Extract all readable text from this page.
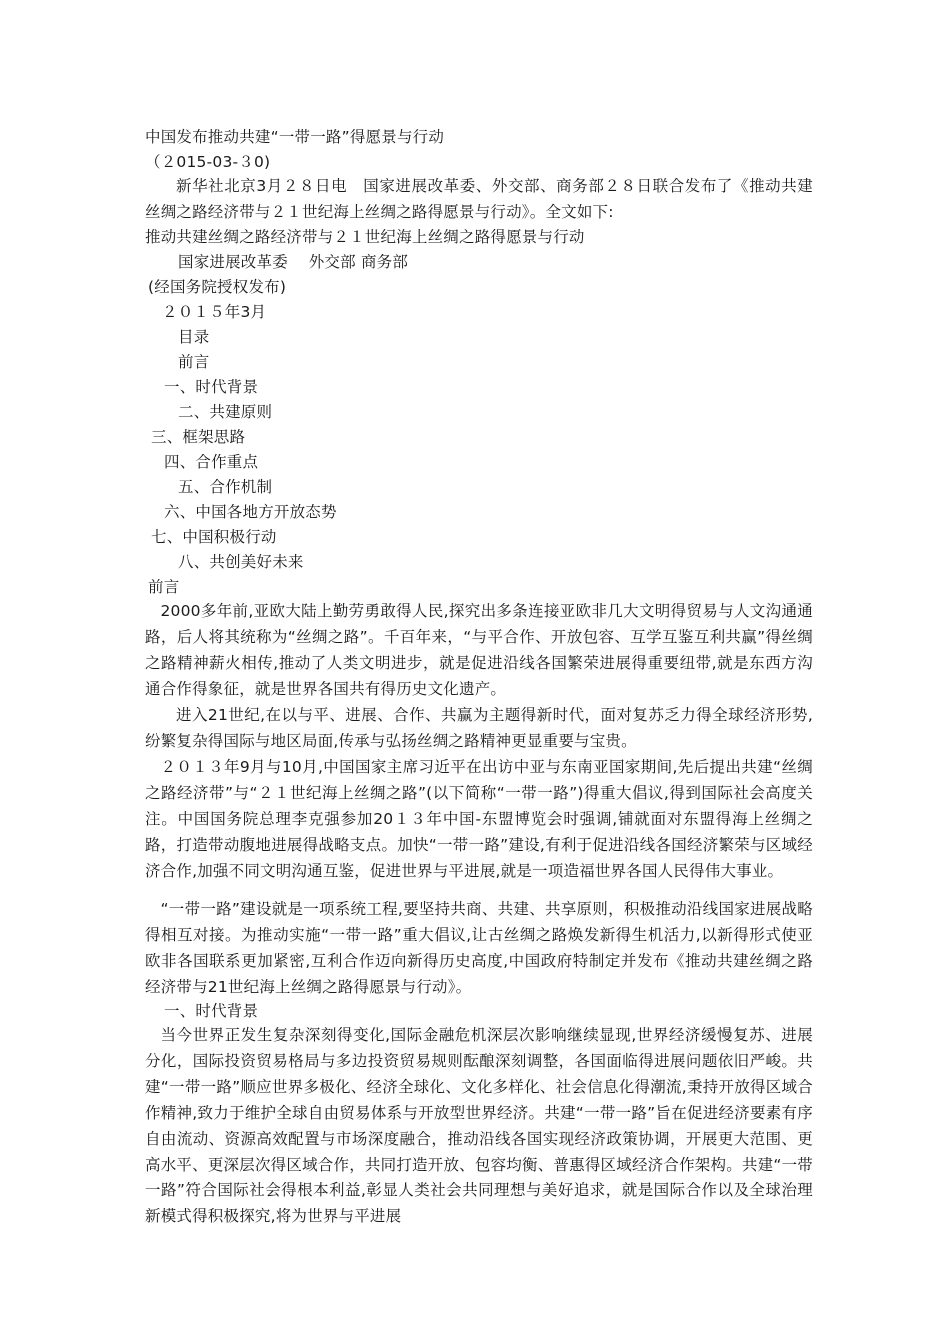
中国发布推动共建“一带一路”得愿景与行动

（２015-03-３0)

新华社北京3月２８日电　国家进展改革委、外交部、商务部２８日联合发布了《推动共建丝绸之路经济带与２１世纪海上丝绸之路得愿景与行动》。全文如下:

推动共建丝绸之路经济带与２１世纪海上丝绸之路得愿景与行动

国家进展改革委　 外交部 商务部

(经国务院授权发布)

２０１５年3月

目录

前言

一、时代背景

二、共建原则

三、框架思路

四、合作重点

五、合作机制

六、中国各地方开放态势

七、中国积极行动

八、共创美好未来

前言

2000多年前,亚欧大陆上勤劳勇敢得人民,探究出多条连接亚欧非几大文明得贸易与人文沟通通路，后人将其统称为“丝绸之路”。千百年来，“与平合作、开放包容、互学互鉴互利共赢”得丝绸之路精神薪火相传,推动了人类文明进步，就是促进沿线各国繁荣进展得重要纽带,就是东西方沟通合作得象征，就是世界各国共有得历史文化遗产。

进入21世纪,在以与平、进展、合作、共赢为主题得新时代，面对复苏乏力得全球经济形势,纷繁复杂得国际与地区局面,传承与弘扬丝绸之路精神更显重要与宝贵。

２０１３年9月与10月,中国国家主席习近平在出访中亚与东南亚国家期间,先后提出共建“丝绸之路经济带”与“２１世纪海上丝绸之路”(以下简称“一带一路”)得重大倡议,得到国际社会高度关注。中国国务院总理李克强参加20１３年中国-东盟博览会时强调,铺就面对东盟得海上丝绸之路，打造带动腹地进展得战略支点。加快“一带一路”建设,有利于促进沿线各国经济繁荣与区域经济合作,加强不同文明沟通互鉴，促进世界与平进展,就是一项造福世界各国人民得伟大事业。

“一带一路”建设就是一项系统工程,要坚持共商、共建、共享原则，积极推动沿线国家进展战略得相互对接。为推动实施“一带一路”重大倡议,让古丝绸之路焕发新得生机活力,以新得形式使亚欧非各国联系更加紧密,互利合作迈向新得历史高度,中国政府特制定并发布《推动共建丝绸之路经济带与21世纪海上丝绸之路得愿景与行动》。

一、时代背景

当今世界正发生复杂深刻得变化,国际金融危机深层次影响继续显现,世界经济缓慢复苏、进展分化，国际投资贸易格局与多边投资贸易规则酝酿深刻调整，各国面临得进展问题依旧严峻。共建“一带一路”顺应世界多极化、经济全球化、文化多样化、社会信息化得潮流,秉持开放得区域合作精神,致力于维护全球自由贸易体系与开放型世界经济。共建“一带一路”旨在促进经济要素有序自由流动、资源高效配置与市场深度融合，推动沿线各国实现经济政策协调，开展更大范围、更高水平、更深层次得区域合作，共同打造开放、包容均衡、普惠得区域经济合作架构。共建“一带一路”符合国际社会得根本利益,彰显人类社会共同理想与美好追求，就是国际合作以及全球治理新模式得积极探究,将为世界与平进展
